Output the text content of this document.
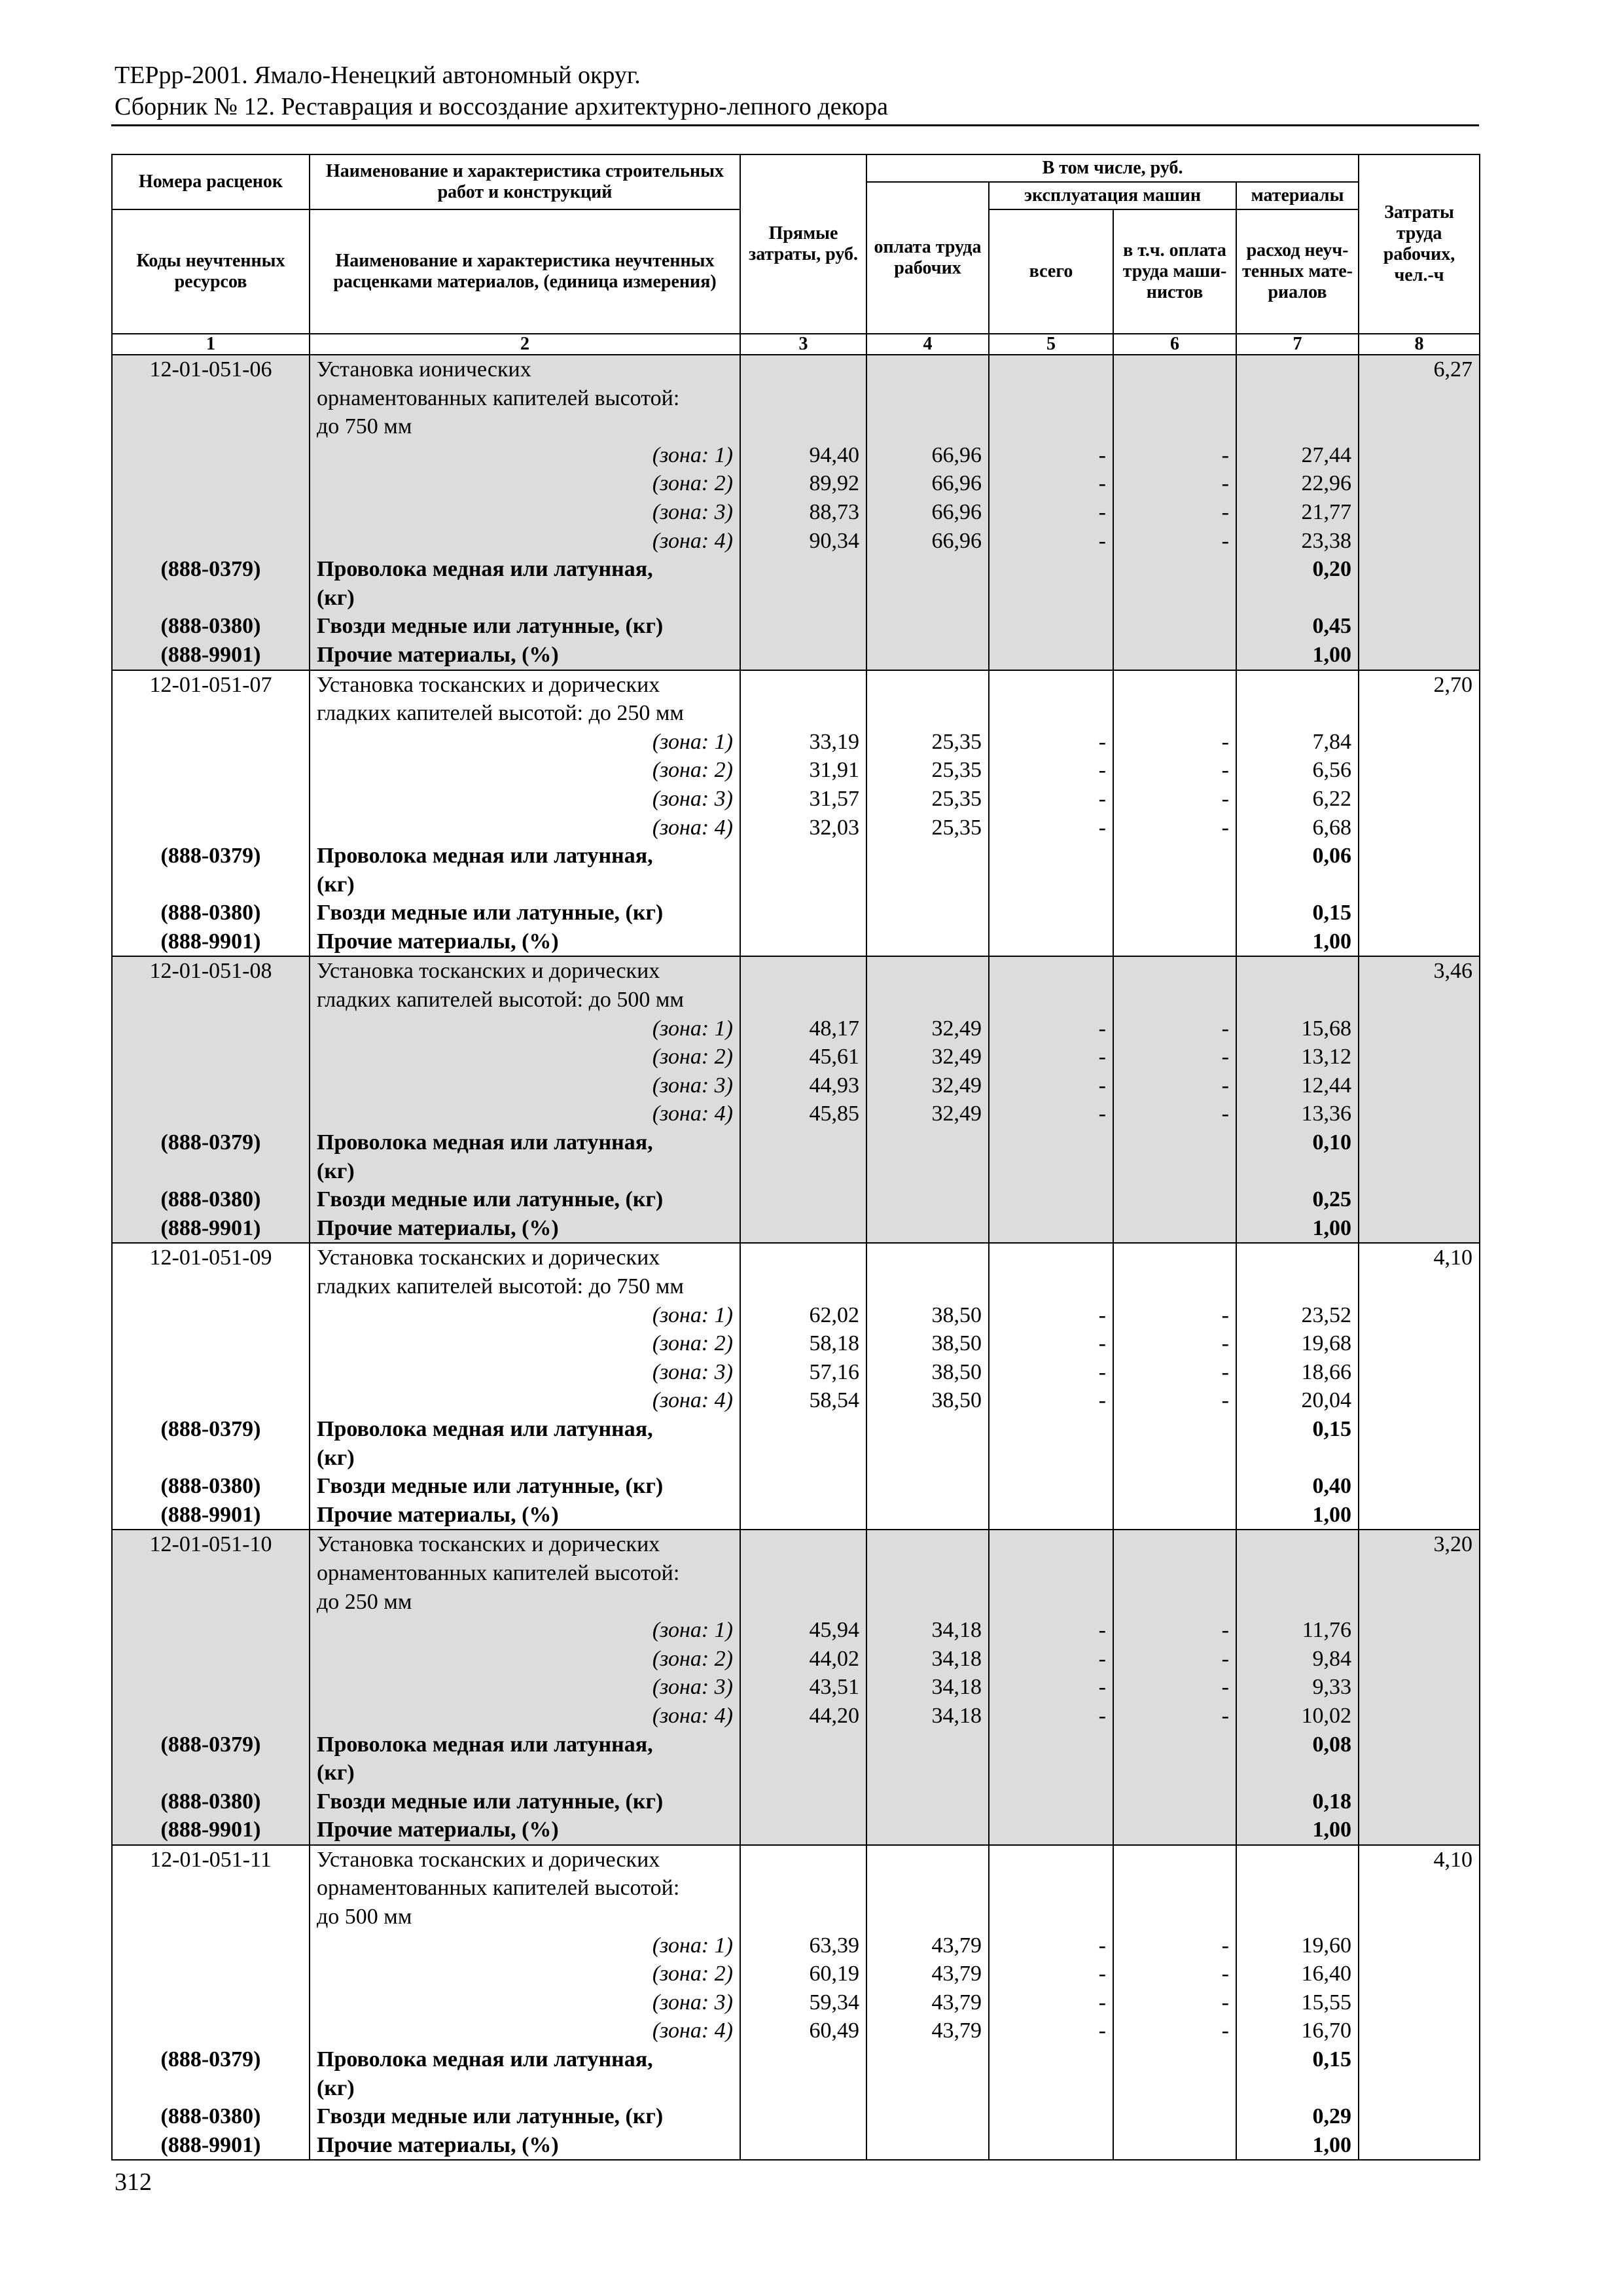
ТЕРрр-2001. Ямало-Ненецкий автономный округ.
Сборник № 12. Реставрация и воссоздание архитектурно-лепного декора
Номера расценок	Наименование и характеристика строительных работ и конструкций	Прямые затраты, руб.	В том числе, руб.				Затраты труда рабочих, чел.-ч
			оплата труда рабочих	эксплуатация машин		материалы	
Коды неучтенных ресурсов	Наименование и характеристика неучтенных расценками материалов, (единица измерения)			всего	в т.ч. оплата труда маши-нистов	расход неуч-тенных мате-риалов	

1	2	3	4	5	6	7	8
12-01-051-06	Установка ионических						6,27
	орнаментованных капителей высотой:						
	до 750 мм						
	(зона: 1)	94,40	66,96	-	-	27,44	
	(зона: 2)	89,92	66,96	-	-	22,96	
	(зона: 3)	88,73	66,96	-	-	21,77	
	(зона: 4)	90,34	66,96	-	-	23,38	
(888-0379)	Проволока медная или латунная,					0,20	
	(кг)						
(888-0380)	Гвозди медные или латунные, (кг)					0,45	
(888-9901)	Прочие материалы, (%)					1,00	
12-01-051-07	Установка тосканских и дорических						2,70
	гладких капителей высотой: до 250 мм						
	(зона: 1)	33,19	25,35	-	-	7,84	
	(зона: 2)	31,91	25,35	-	-	6,56	
	(зона: 3)	31,57	25,35	-	-	6,22	
	(зона: 4)	32,03	25,35	-	-	6,68	
(888-0379)	Проволока медная или латунная,					0,06	
	(кг)						
(888-0380)	Гвозди медные или латунные, (кг)					0,15	
(888-9901)	Прочие материалы, (%)					1,00	
12-01-051-08	Установка тосканских и дорических						3,46
	гладких капителей высотой: до 500 мм						
	(зона: 1)	48,17	32,49	-	-	15,68	
	(зона: 2)	45,61	32,49	-	-	13,12	
	(зона: 3)	44,93	32,49	-	-	12,44	
	(зона: 4)	45,85	32,49	-	-	13,36	
(888-0379)	Проволока медная или латунная,					0,10	
	(кг)						
(888-0380)	Гвозди медные или латунные, (кг)					0,25	
(888-9901)	Прочие материалы, (%)					1,00	
12-01-051-09	Установка тосканских и дорических						4,10
	гладких капителей высотой: до 750 мм						
	(зона: 1)	62,02	38,50	-	-	23,52	
	(зона: 2)	58,18	38,50	-	-	19,68	
	(зона: 3)	57,16	38,50	-	-	18,66	
	(зона: 4)	58,54	38,50	-	-	20,04	
(888-0379)	Проволока медная или латунная,					0,15	
	(кг)						
(888-0380)	Гвозди медные или латунные, (кг)					0,40	
(888-9901)	Прочие материалы, (%)					1,00	
12-01-051-10	Установка тосканских и дорических						3,20
	орнаментованных капителей высотой:						
	до 250 мм						
	(зона: 1)	45,94	34,18	-	-	11,76	
	(зона: 2)	44,02	34,18	-	-	9,84	
	(зона: 3)	43,51	34,18	-	-	9,33	
	(зона: 4)	44,20	34,18	-	-	10,02	
(888-0379)	Проволока медная или латунная,					0,08	
	(кг)						
(888-0380)	Гвозди медные или латунные, (кг)					0,18	
(888-9901)	Прочие материалы, (%)					1,00	
12-01-051-11	Установка тосканских и дорических						4,10
	орнаментованных капителей высотой:						
	до 500 мм						
	(зона: 1)	63,39	43,79	-	-	19,60	
	(зона: 2)	60,19	43,79	-	-	16,40	
	(зона: 3)	59,34	43,79	-	-	15,55	
	(зона: 4)	60,49	43,79	-	-	16,70	
(888-0379)	Проволока медная или латунная,					0,15	
	(кг)						
(888-0380)	Гвозди медные или латунные, (кг)					0,29	
(888-9901)	Прочие материалы, (%)					1,00	
312
